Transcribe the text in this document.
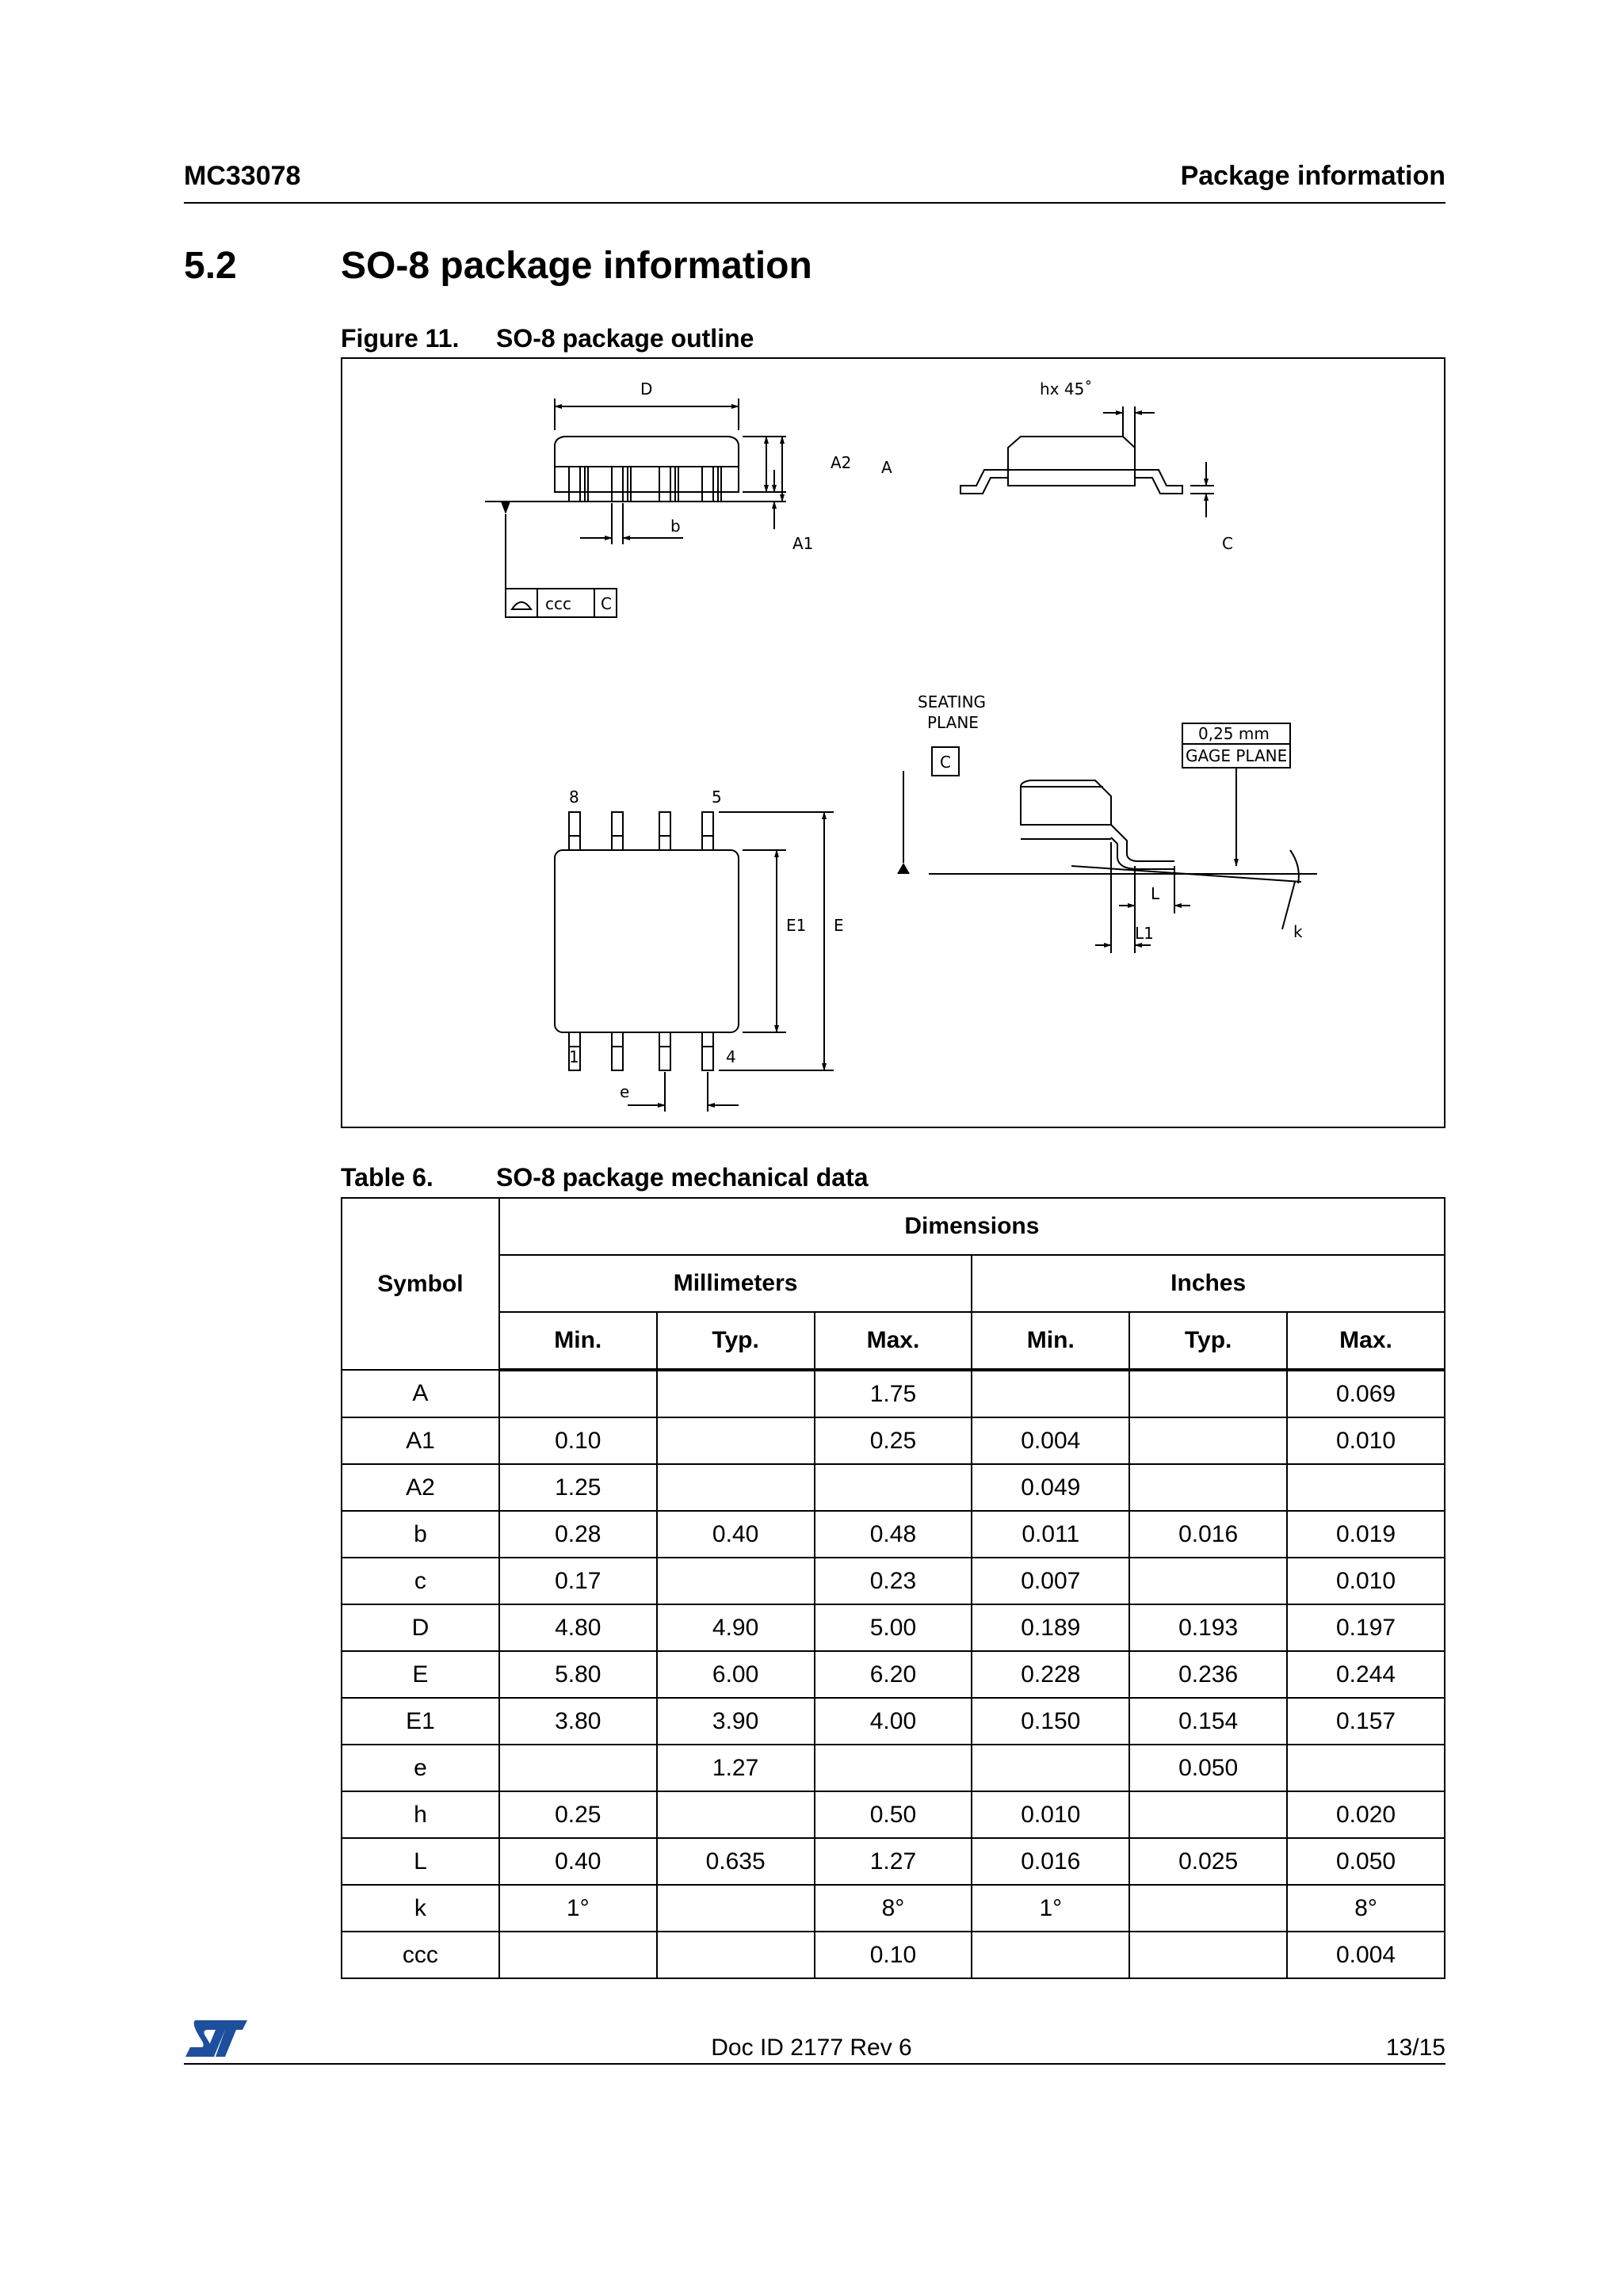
MC33078	Package information
5.2	SO-8 package information
Figure 11. SO-8 package outline
D
b
A2 A
A1
ccc C
hx 45˚
C
8	5
1	4
E1 E
e
SEATING
PLANE
C
0,25 mm
GAGE PLANE
L
L1	k
Table 6. SO-8 package mechanical data
Symbol	Dimensions					
	Millimeters			Inches		
	Min.	Typ.	Max.	Min.	Typ.	Max.
A			1.75			0.069
A1	0.10		0.25	0.004		0.010
A2	1.25			0.049		
b	0.28	0.40	0.48	0.011	0.016	0.019
c	0.17		0.23	0.007		0.010
D	4.80	4.90	5.00	0.189	0.193	0.197
E	5.80	6.00	6.20	0.228	0.236	0.244
E1	3.80	3.90	4.00	0.150	0.154	0.157
e		1.27			0.050	
h	0.25		0.50	0.010		0.020
L	0.40	0.635	1.27	0.016	0.025	0.050
k	1°		8°	1°		8°
ccc			0.10			0.004
Doc ID 2177 Rev 6	13/15
